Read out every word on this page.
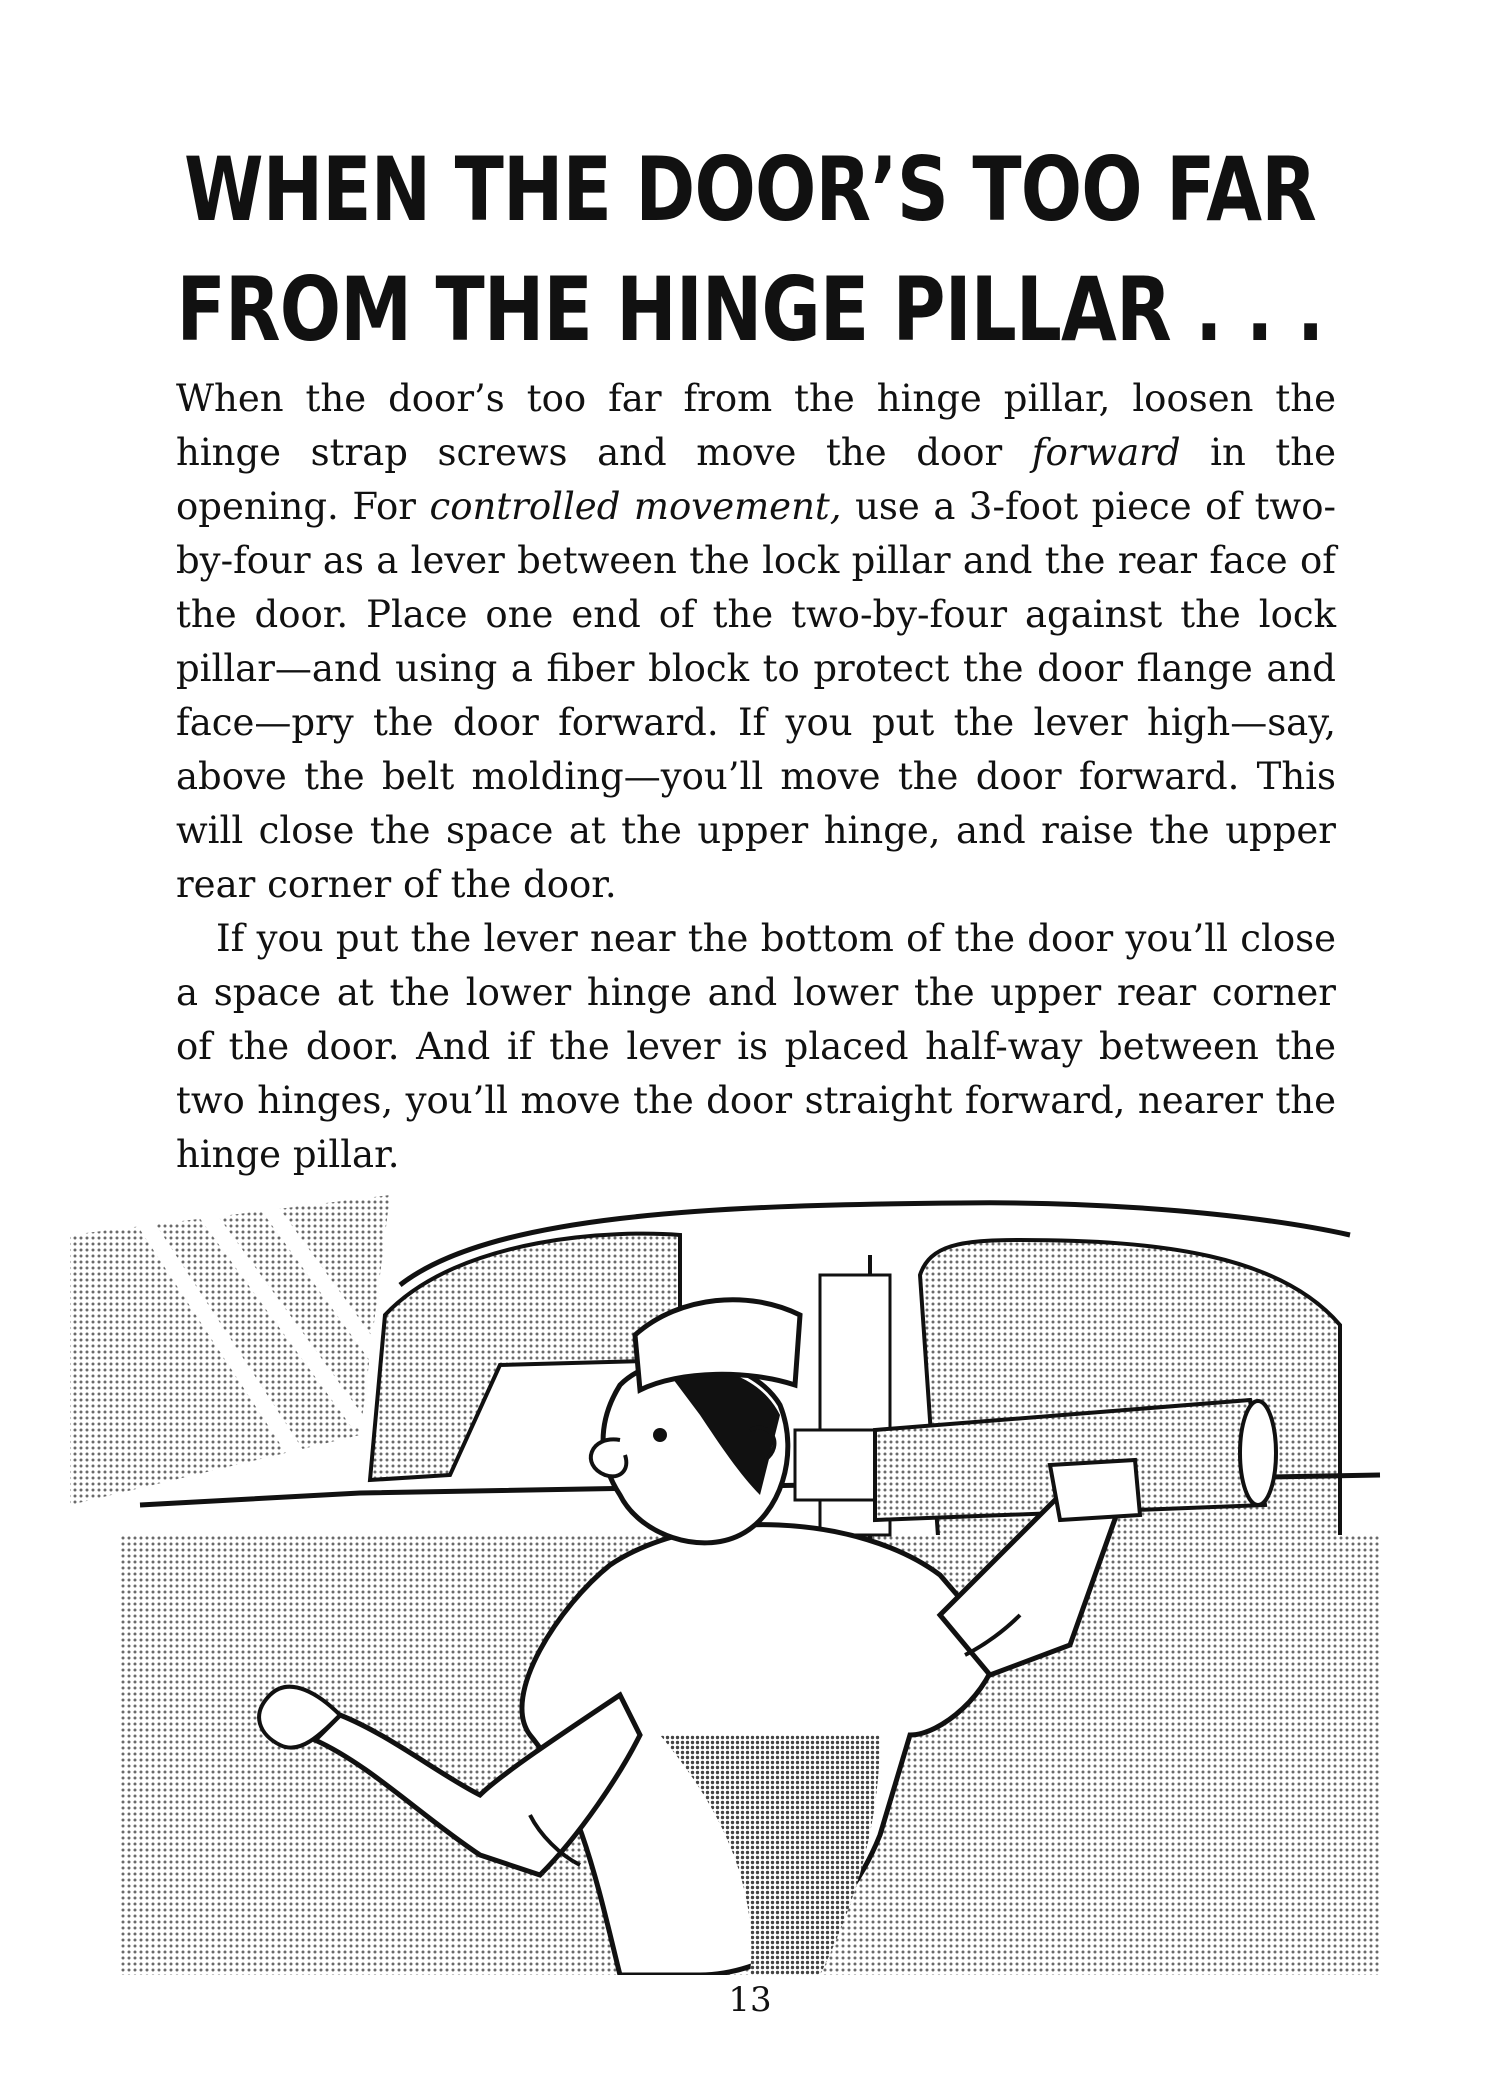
WHEN THE DOOR’S TOO FAR
FROM THE HINGE PILLAR . . .

When the door’s too far from the hinge pillar, loosen the hinge strap screws and move the door forward in the opening. For controlled movement, use a 3-foot piece of two-by-four as a lever between the lock pillar and the rear face of the door. Place one end of the two-by-four against the lock pillar—and using a fiber block to protect the door flange and face—pry the door forward. If you put the lever high—say, above the belt molding—you’ll move the door forward. This will close the space at the upper hinge, and raise the upper rear corner of the door.

If you put the lever near the bottom of the door you’ll close a space at the lower hinge and lower the upper rear corner of the door. And if the lever is placed half-way between the two hinges, you’ll move the door straight forward, nearer the hinge pillar.

13
